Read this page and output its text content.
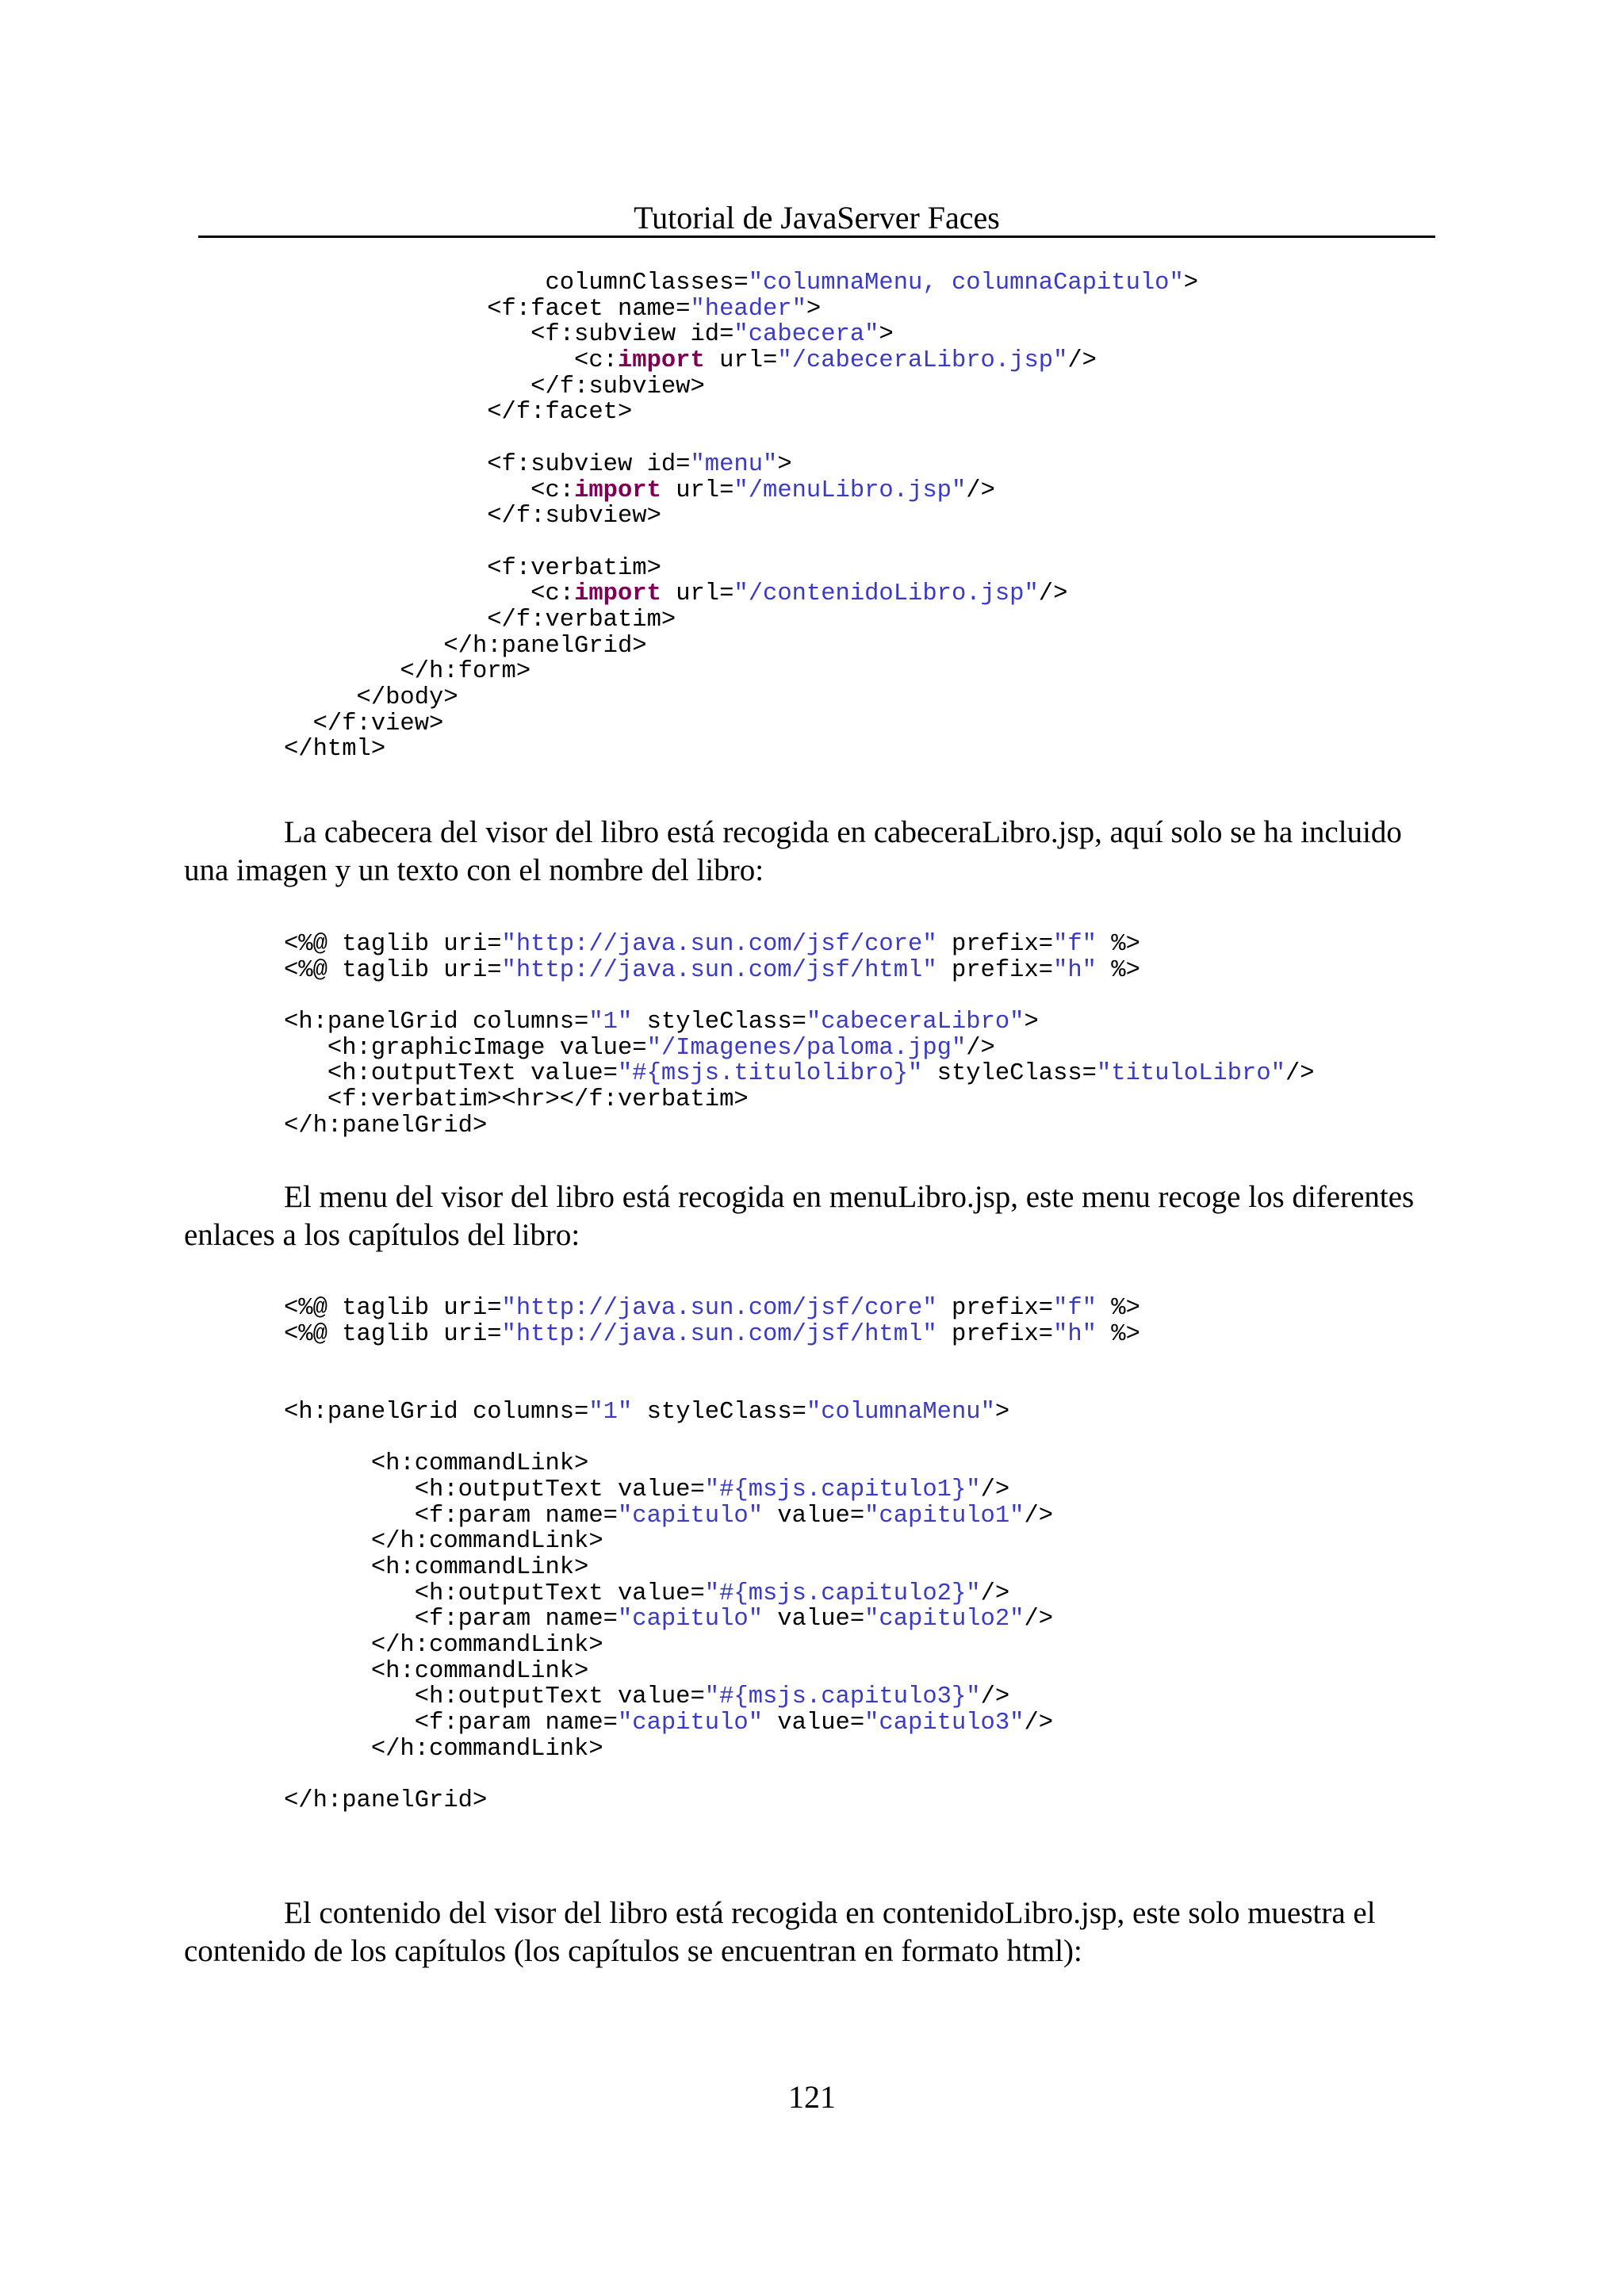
Tutorial de JavaServer Faces
columnClasses="columnaMenu, columnaCapitulo">
<f:facet name="header">
<f:subview id="cabecera">
<c:import url="/cabeceraLibro.jsp"/>
</f:subview>
</f:facet>
<f:subview id="menu">
<c:import url="/menuLibro.jsp"/>
</f:subview>
<f:verbatim>
<c:import url="/contenidoLibro.jsp"/>
</f:verbatim>
</h:panelGrid>
</h:form>
</body>
</f:view>
</html>

La cabecera del visor del libro está recogida en cabeceraLibro.jsp, aquí solo se ha incluido una imagen y un texto con el nombre del libro:

<%@ taglib uri="http://java.sun.com/jsf/core" prefix="f" %>
<%@ taglib uri="http://java.sun.com/jsf/html" prefix="h" %>
<h:panelGrid columns="1" styleClass="cabeceraLibro">
<h:graphicImage value="/Imagenes/paloma.jpg"/>
<h:outputText value="#{msjs.titulolibro}" styleClass="tituloLibro"/>
<f:verbatim><hr></f:verbatim>
</h:panelGrid>

El menu del visor del libro está recogida en menuLibro.jsp, este menu recoge los diferentes enlaces a los capítulos del libro:

<%@ taglib uri="http://java.sun.com/jsf/core" prefix="f" %>
<%@ taglib uri="http://java.sun.com/jsf/html" prefix="h" %>
<h:panelGrid columns="1" styleClass="columnaMenu">
<h:commandLink>
<h:outputText value="#{msjs.capitulo1}"/>
<f:param name="capitulo" value="capitulo1"/>
</h:commandLink>
<h:commandLink>
<h:outputText value="#{msjs.capitulo2}"/>
<f:param name="capitulo" value="capitulo2"/>
</h:commandLink>
<h:commandLink>
<h:outputText value="#{msjs.capitulo3}"/>
<f:param name="capitulo" value="capitulo3"/>
</h:commandLink>
</h:panelGrid>

El contenido del visor del libro está recogida en contenidoLibro.jsp, este solo muestra el contenido de los capítulos (los capítulos se encuentran en formato html):

121
